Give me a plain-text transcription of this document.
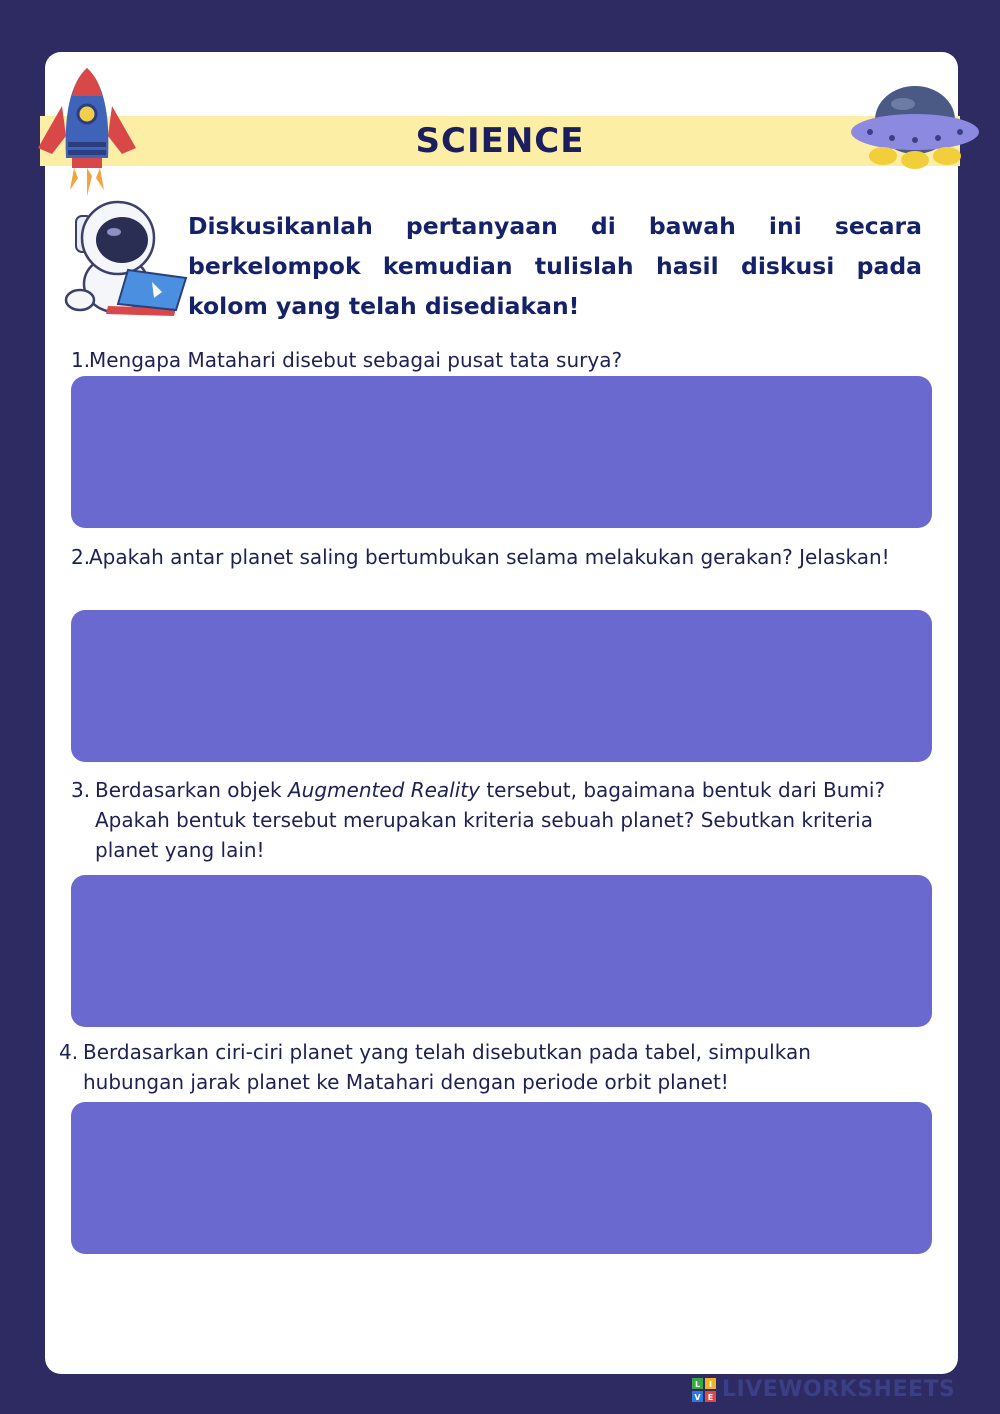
SCIENCE

Diskusikanlah pertanyaan di bawah ini secara berkelompok kemudian tulislah hasil diskusi pada kolom yang telah disediakan!

1.
Mengapa Matahari disebut sebagai pusat tata surya?
2.
Apakah antar planet saling bertumbukan selama melakukan gerakan? Jelaskan!
3. Berdasarkan objek Augmented Reality tersebut, bagaimana bentuk dari Bumi? Apakah bentuk tersebut merupakan kriteria sebuah planet? Sebutkan kriteria planet yang lain!
4. Berdasarkan ciri-ciri planet yang telah disebutkan pada tabel, simpulkan hubungan jarak planet ke Matahari dengan periode orbit planet!
L I
V E LIVEWORKSHEETS
